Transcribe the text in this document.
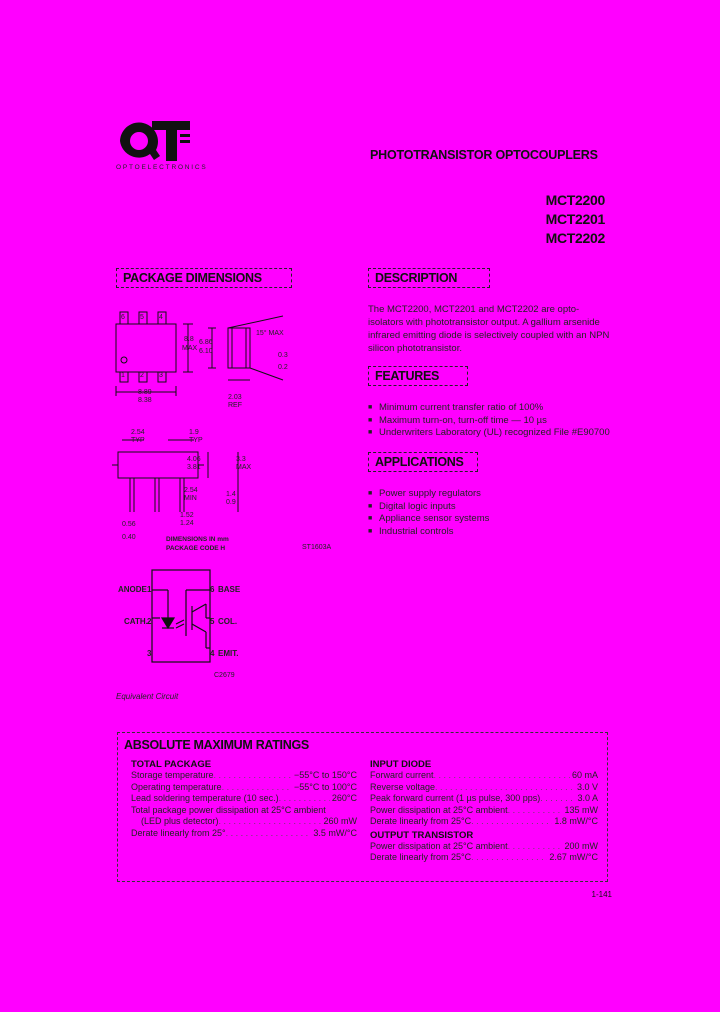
OPTOELECTRONICS
PHOTOTRANSISTOR OPTOCOUPLERS
MCT2200
MCT2201
MCT2202
PACKAGE DIMENSIONS
6 5 4
1 2 3
8.8
MAX
6.86
6.10
15° MAX
0.3
0.2
8.89
8.38	2.03
REF
2.54
TYP
1.9
TYP
4.06
3.81
3.3
MAX
2.54
MIN
1.4
0.9
1.52
1.24
0.56
0.40	DIMENSIONS IN mm
PACKAGE CODE H	ST1603A
ANODE 1
CATH. 2
3
6 BASE
5 COL.
4 EMIT.
C2679
Equivalent Circuit
DESCRIPTION
The MCT2200, MCT2201 and MCT2202 are opto-isolators with phototransistor output. A gallium arsenide infrared emitting diode is selectively coupled with an NPN silicon phototransistor.
FEATURES
■ Minimum current transfer ratio of 100%
■ Maximum turn-on, turn-off time — 10 µs
■ Underwriters Laboratory (UL) recognized File #E90700
APPLICATIONS
■ Power supply regulators
■ Digital logic inputs
■ Appliance sensor systems
■ Industrial controls
ABSOLUTE MAXIMUM RATINGS
TOTAL PACKAGE
Storage temperature . . .	−55°C to 150°C
Operating temperature . . .	−55°C to 100°C
Lead soldering temperature (10 sec.) . . .	260°C
Total package power dissipation at 25°C ambient
(LED plus detector) . . .	260 mW
Derate linearly from 25° . . .	3.5 mW/°C
INPUT DIODE
Forward current . . .	60 mA
Reverse voltage . . .	3.0 V
Peak forward current (1 µs pulse, 300 pps) . . .	3.0 A
Power dissipation at 25°C ambient . . .	135 mW
Derate linearly from 25°C . . .	1.8 mW/°C
OUTPUT TRANSISTOR
Power dissipation at 25°C ambient . . .	200 mW
Derate linearly from 25°C . . .	2.67 mW/°C
1-141
